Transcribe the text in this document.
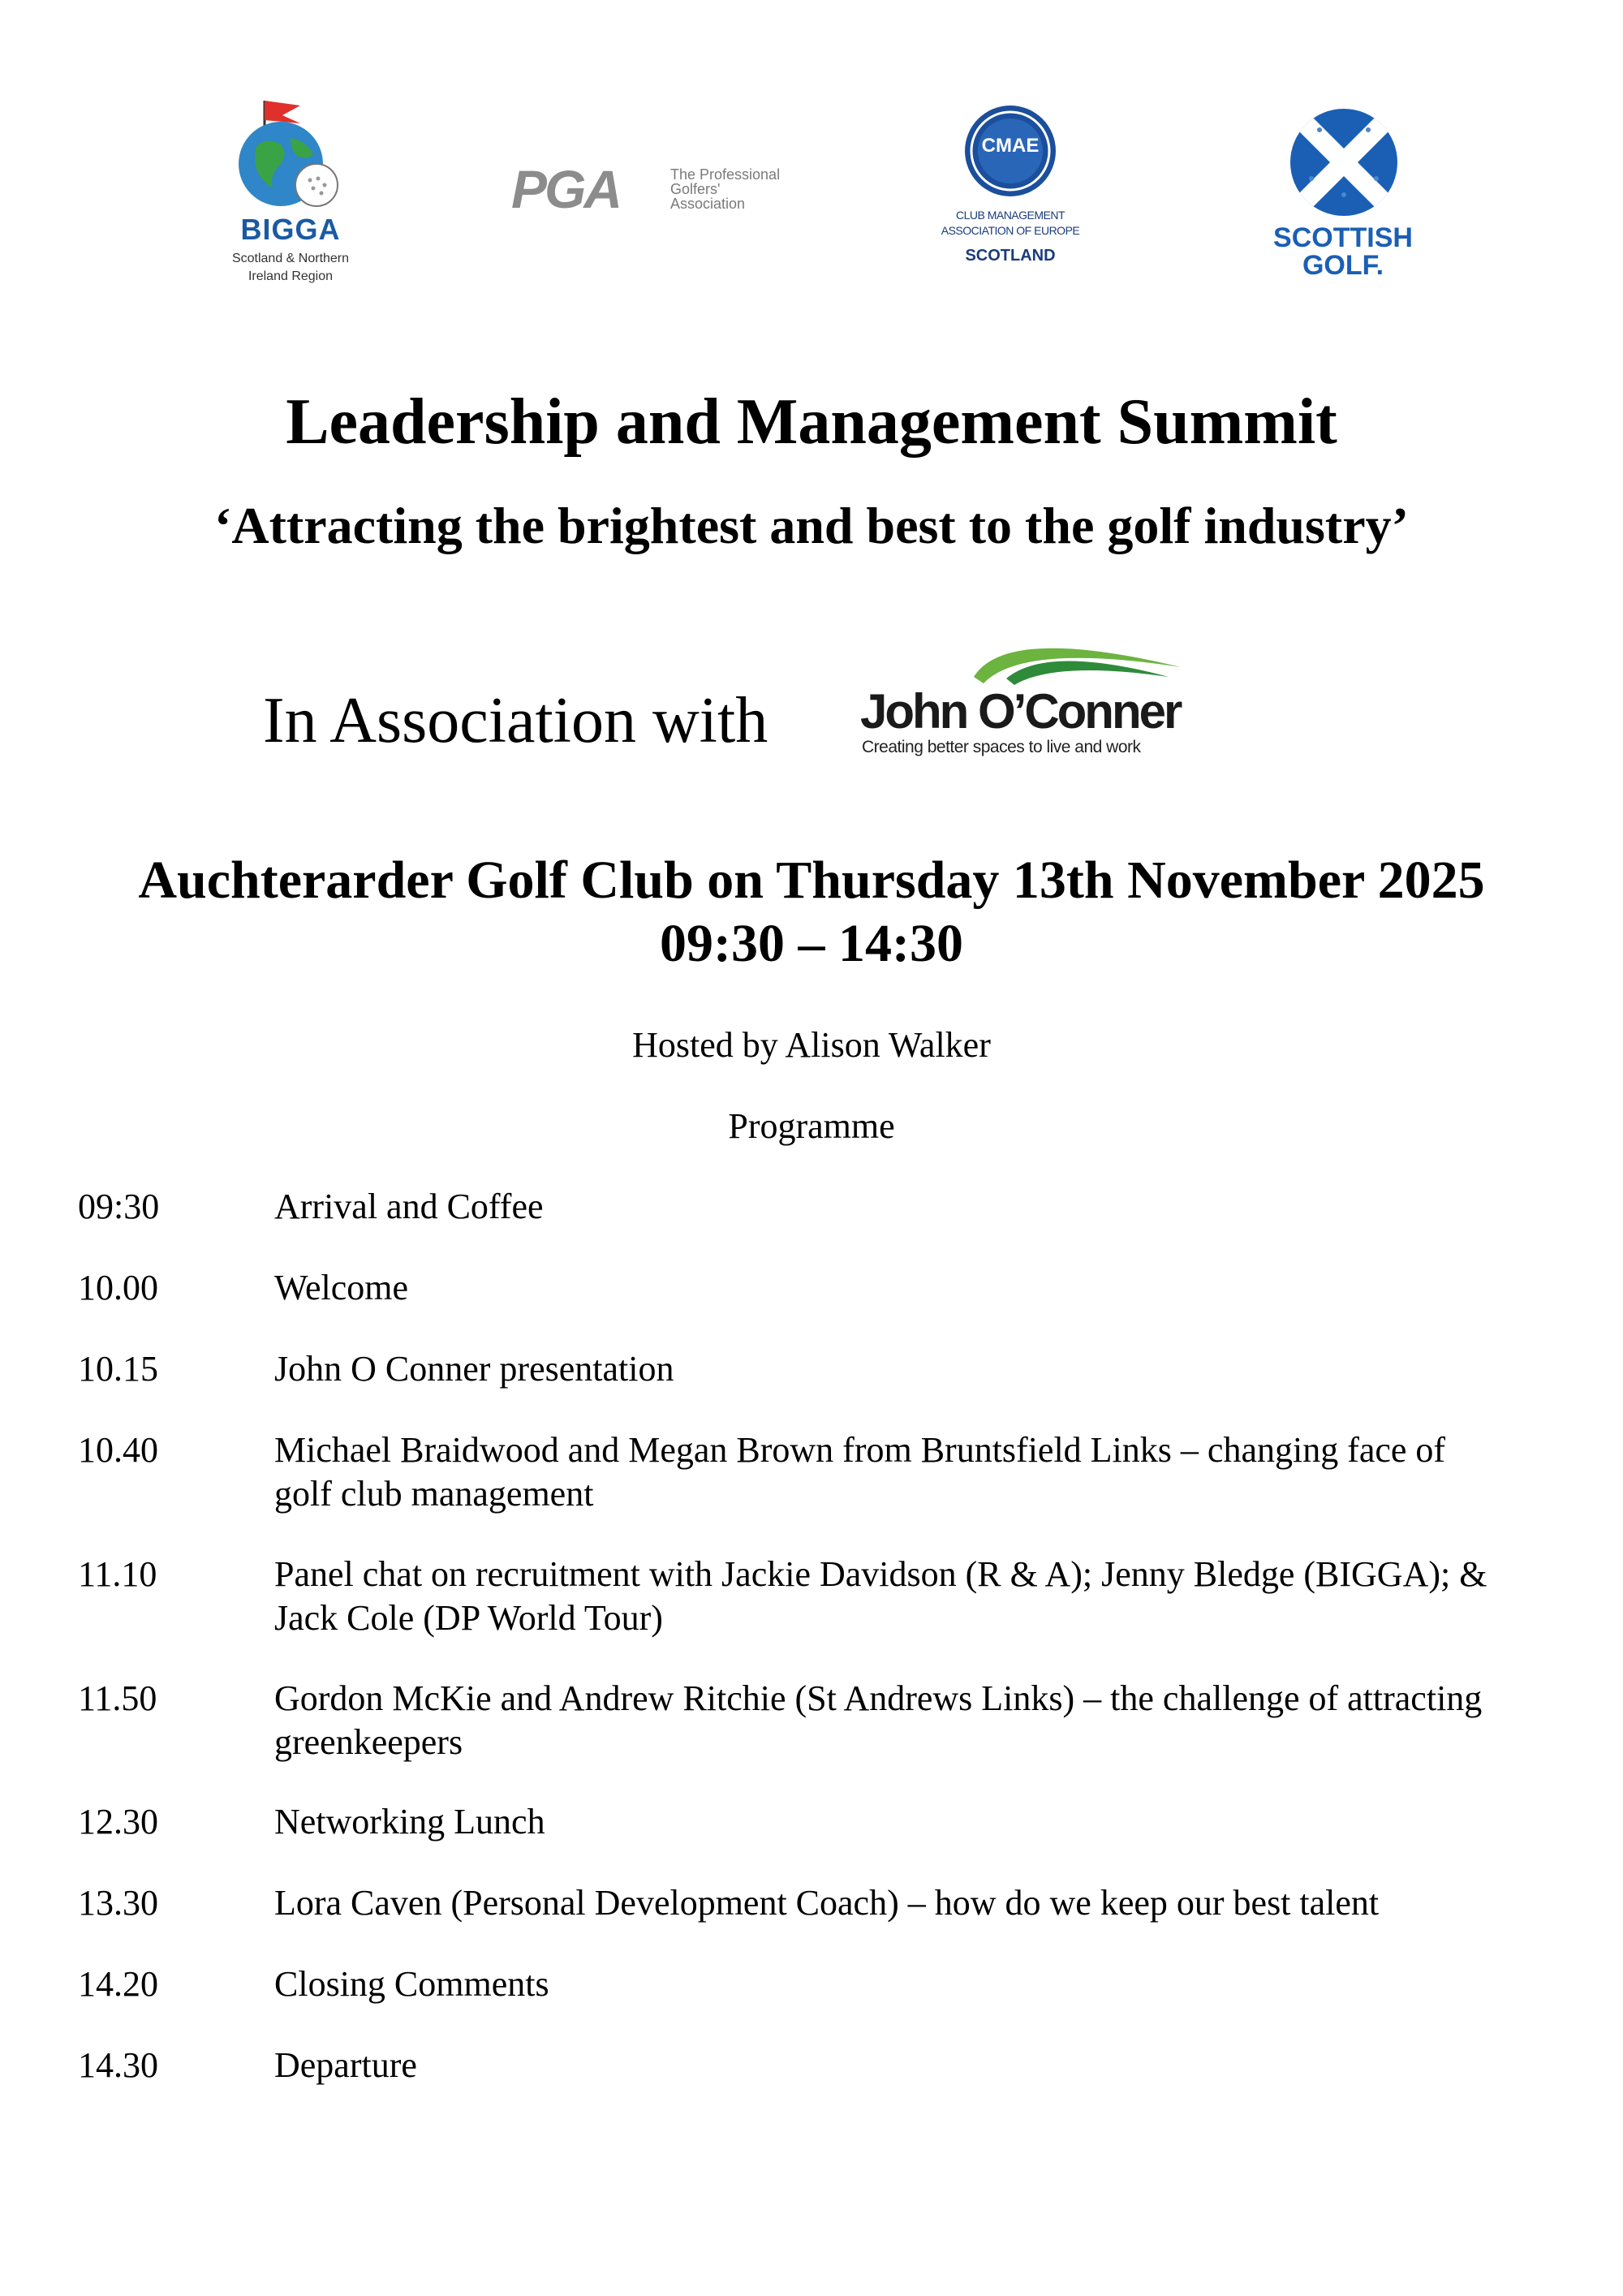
BIGGA
Scotland & Northern
Ireland Region
PGA	The Professional
Golfers'
Association
CMAE
CLUB MANAGEMENT
ASSOCIATION OF EUROPE
SCOTLAND
SCOTTISH
GOLF.
Leadership and Management Summit
‘Attracting the brightest and best to the golf industry’
In Association with John O’Conner
Creating better spaces to live and work
Auchterarder Golf Club on Thursday 13th November 2025
09:30 – 14:30
Hosted by Alison Walker
Programme
09:30	Arrival and Coffee
10.00	Welcome
10.15	John O Conner presentation
10.40	Michael Braidwood and Megan Brown from Bruntsfield Links – changing face of
golf club management
11.10	Panel chat on recruitment with Jackie Davidson (R & A); Jenny Bledge (BIGGA); &
Jack Cole (DP World Tour)
11.50	Gordon McKie and Andrew Ritchie (St Andrews Links) – the challenge of attracting
greenkeepers
12.30	Networking Lunch
13.30	Lora Caven (Personal Development Coach) – how do we keep our best talent
14.20	Closing Comments
14.30	Departure
